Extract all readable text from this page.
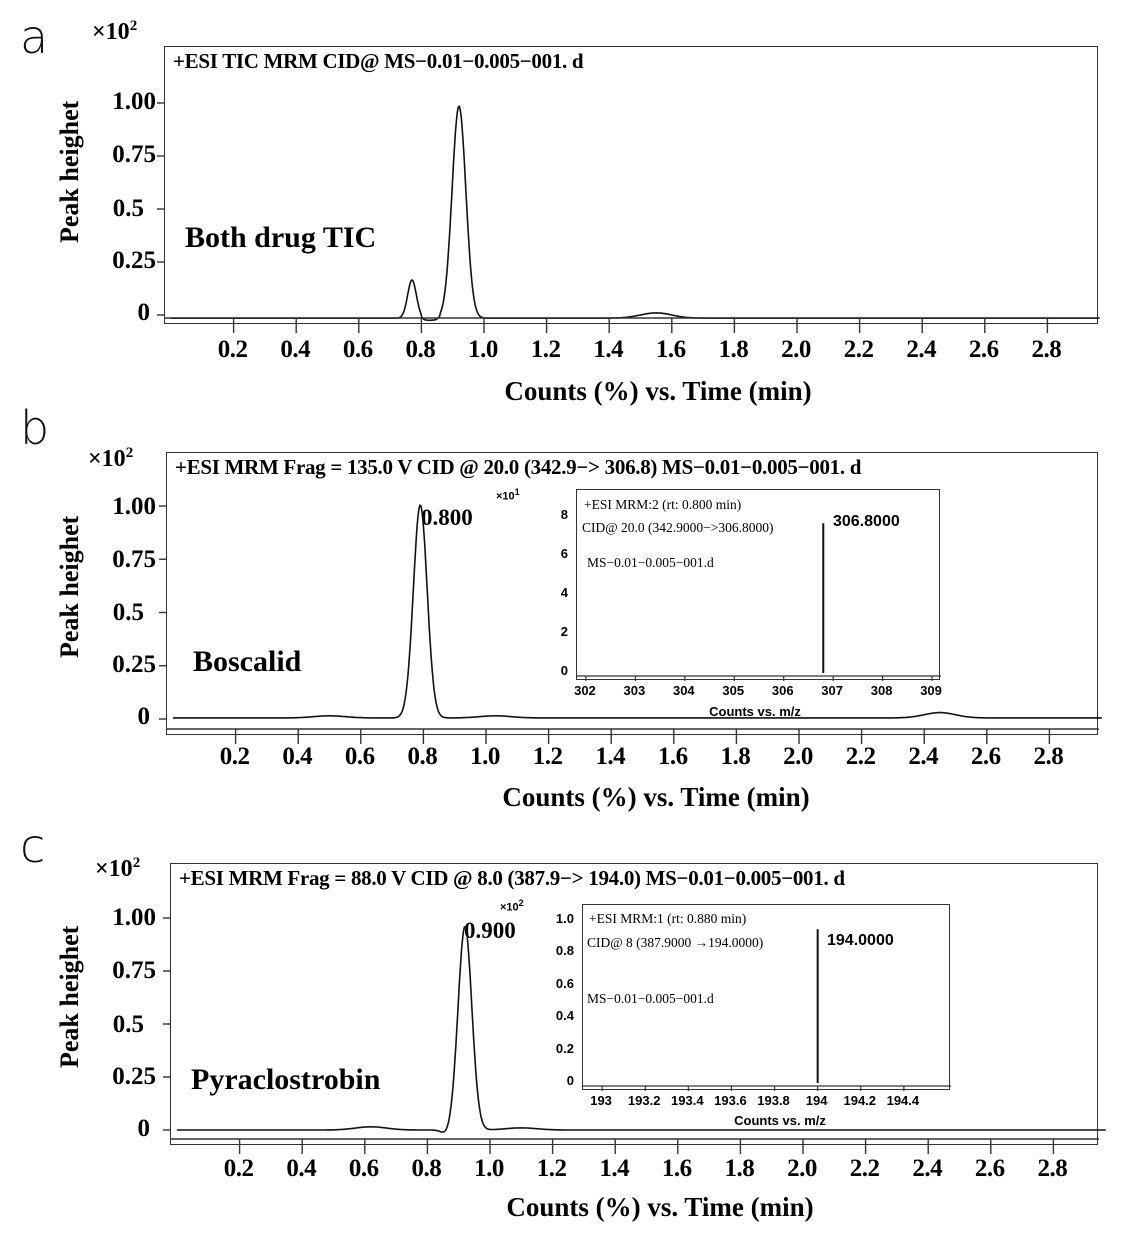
$a \times 10^2$
Peak heighet	1.00
0.75
0.5
0.25
0
+ESI TIC MRM CID@ MS−0.01−0.005−001. d
Both drug TIC
0.2 0.4 0.6 0.8 1.0 1.2 1.4 1.6 1.8 2.0 2.2 2.4 2.6 2.8
Counts (%) vs. Time (min)
b
$\times 10^2$
Peak heighet
1.00
0.75
0.5
0.25
0
+ESI MRM Frag = 135.0 V CID @ 20.0 (342.9−> 306.8) MS−0.01−0.005−001. d
Boscalid
0.800
$\times 10^1$
+ESI MRM:2 (rt: 0.800 min)
CID@ 20.0 (342.9000−>306.8000)
MS−0.01−0.005−001.d
306.8000
8
6
4
2
0
302 303 304 305 306 307 308 309
Counts vs. m/z
0.2 0.4 0.6 0.8 1.0 1.2 1.4 1.6 1.8 2.0 2.2 2.4 2.6 2.8
Counts (%) vs. Time (min)
$c \times 10^2$
Peak heighet
1.00
0.75
0.5
0.25
0
+ESI MRM Frag = 88.0 V CID @ 8.0 (387.9−> 194.0) MS−0.01−0.005−001. d
Pyraclostrobin
0.900
$\times 10^2$
+ESI MRM:1 (rt: 0.880 min)
CID@ 8 (387.9000 →194.0000)
MS−0.01−0.005−001.d
194.0000
1.0
0.8
0.6
0.4
0.2
0
193 193.2 193.4 193.6 193.8 194 194.2 194.4
Counts vs. m/z
0.2 0.4 0.6 0.8 1.0 1.2 1.4 1.6 1.8 2.0 2.2 2.4 2.6 2.8
Counts (%) vs. Time (min)
